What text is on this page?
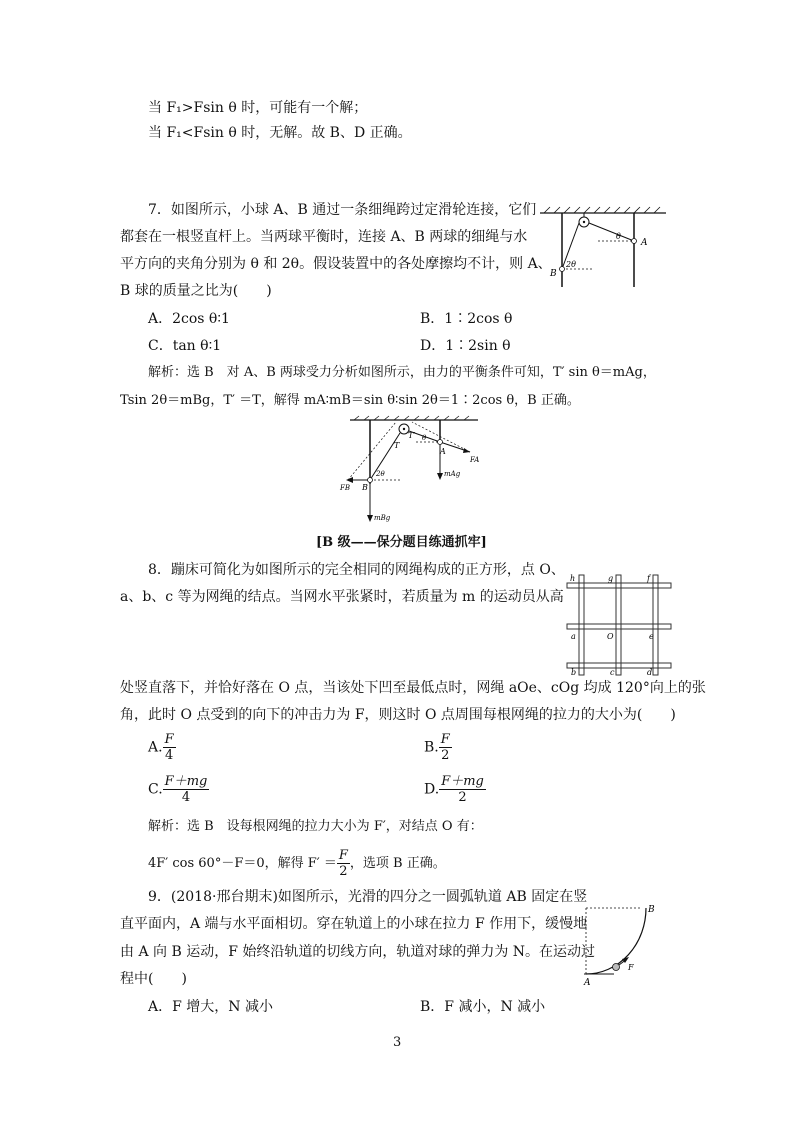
当 F₁>Fsin θ 时，可能有一个解；
当 F₁<Fsin θ 时，无解。故 B、D 正确。
7．如图所示，小球 A、B 通过一条细绳跨过定滑轮连接，它们
都套在一根竖直杆上。当两球平衡时，连接 A、B 两球的细绳与水
平方向的夹角分别为 θ 和 2θ。假设装置中的各处摩擦均不计，则 A、
B 球的质量之比为(　　)
A．2cos θ∶1	B．1∶2cos θ
C．tan θ∶1	D．1∶2sin θ
解析：选 B　对 A、B 两球受力分析如图所示，由力的平衡条件可知，T′ sin θ＝mAg，
Tsin 2θ＝mBg，T′ ＝T，解得 mA∶mB＝sin θ∶sin 2θ＝1∶2cos θ，B 正确。
θ
2θ
A
B
T
T′ θ
2θ
A
B
FA
FB
mAg
mBg
[B 级——保分题目练通抓牢]
8．蹦床可简化为如图所示的完全相同的网绳构成的正方形，点 O、
a、b、c 等为网绳的结点。当网水平张紧时，若质量为 m 的运动员从高
处竖直落下，并恰好落在 O 点，当该处下凹至最低点时，网绳 aOe、cOg 均成 120°向上的张
角，此时 O 点受到的向下的冲击力为 F，则这时 O 点周围每根网绳的拉力的大小为(　　)
A. $\frac{F}{4}$	B. $\frac{F}{2}$
C. $\frac{F+mg}{4}$	D. $\frac{F+mg}{2}$
解析：选 B　设每根网绳的拉力大小为 F′，对结点 O 有：
4F′ cos 60°－F＝0，解得 $F' = \frac{F}{2}$ ，选项 B 正确。
h	g	f
a	O	e
b	c	d
9．(2018·邢台期末)如图所示，光滑的四分之一圆弧轨道 AB 固定在竖
直平面内，A 端与水平面相切。穿在轨道上的小球在拉力 F 作用下，缓慢地
由 A 向 B 运动，F 始终沿轨道的切线方向，轨道对球的弹力为 N。在运动过
程中(　　)
A．F 增大，N 减小	B．F 减小，N 减小
B
A
F
3
